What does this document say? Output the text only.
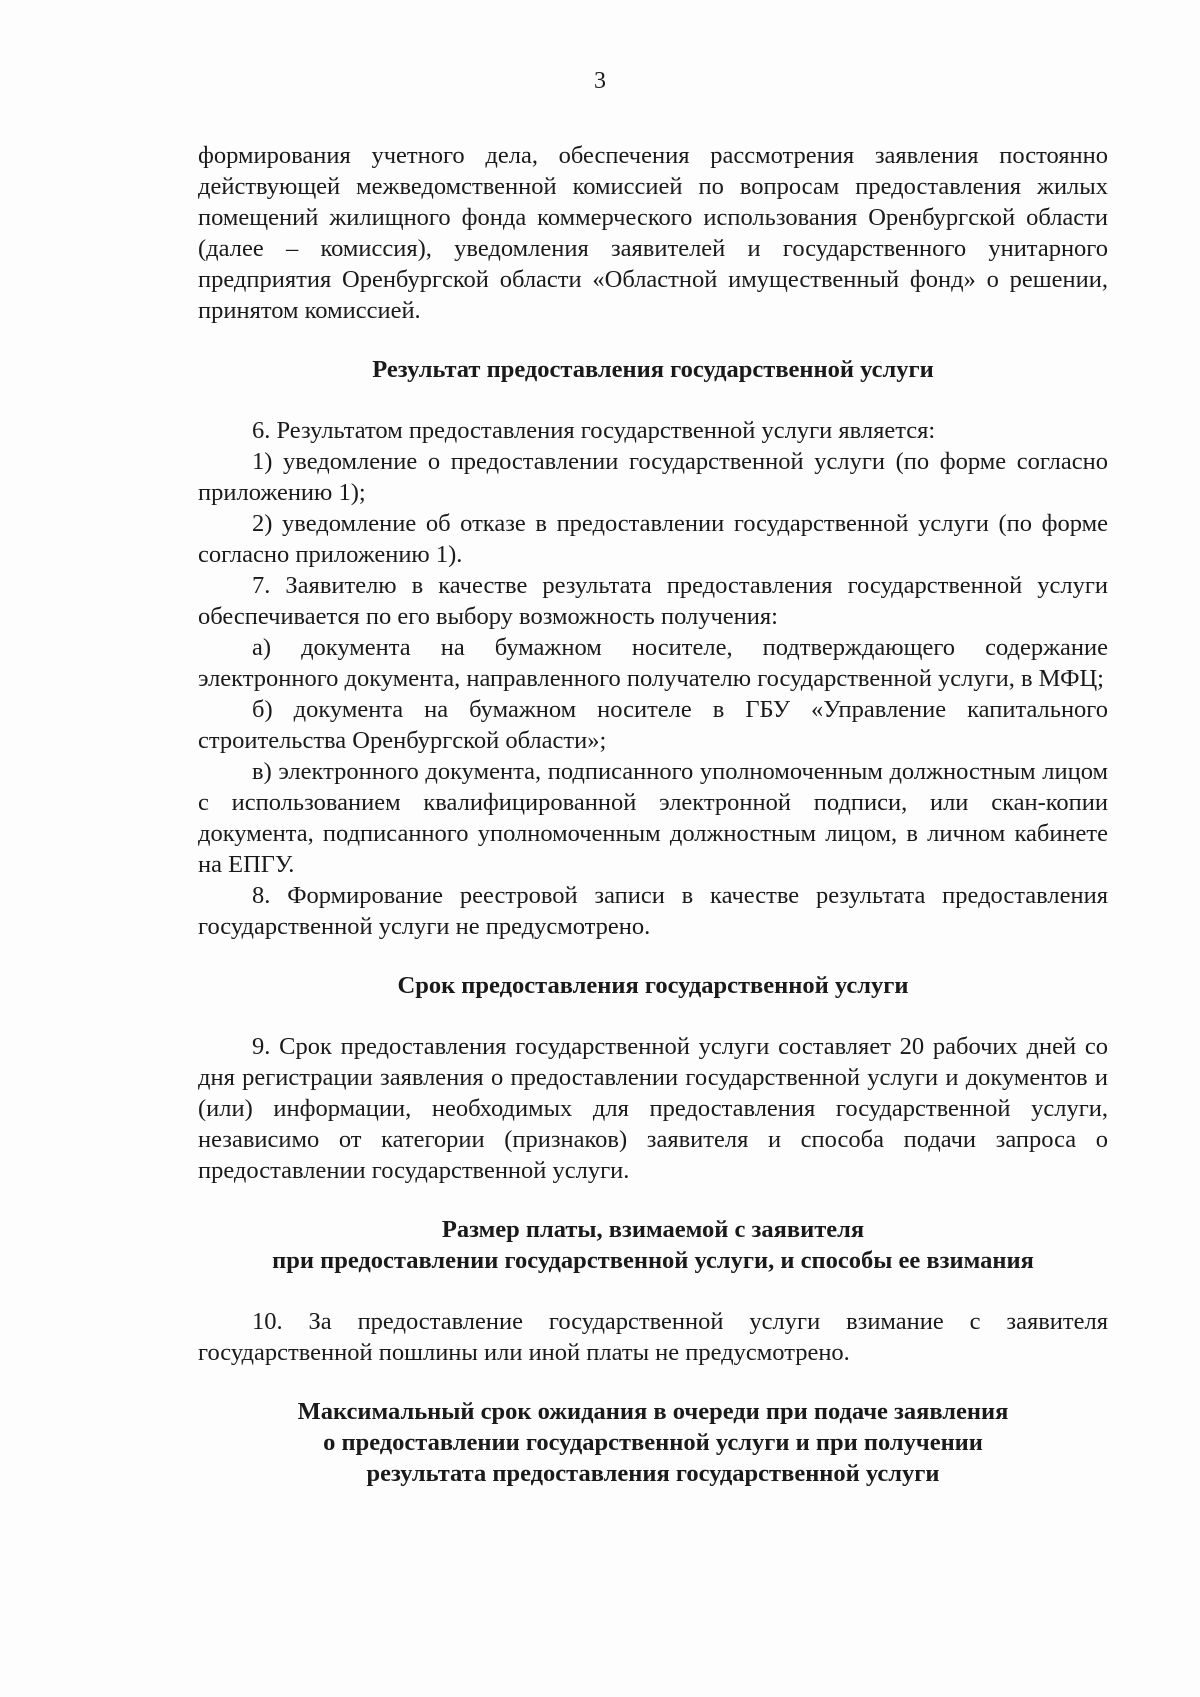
3

формирования учетного дела, обеспечения рассмотрения заявления постоянно действующей межведомственной комиссией по вопросам предоставления жилых помещений жилищного фонда коммерческого использования Оренбургской области (далее – комиссия), уведомления заявителей и государственного унитарного предприятия Оренбургской области «Областной имущественный фонд» о решении, принятом комиссией.

Результат предоставления государственной услуги

6. Результатом предоставления государственной услуги является:

1) уведомление о предоставлении государственной услуги (по форме согласно приложению 1);

2) уведомление об отказе в предоставлении государственной услуги (по форме согласно приложению 1).

7. Заявителю в качестве результата предоставления государственной услуги обеспечивается по его выбору возможность получения:

а) документа на бумажном носителе, подтверждающего содержание электронного документа, направленного получателю государственной услуги, в МФЦ;

б) документа на бумажном носителе в ГБУ «Управление капитального строительства Оренбургской области»;

в) электронного документа, подписанного уполномоченным должностным лицом с использованием квалифицированной электронной подписи, или скан-копии документа, подписанного уполномоченным должностным лицом, в личном кабинете на ЕПГУ.

8. Формирование реестровой записи в качестве результата предоставления государственной услуги не предусмотрено.

Срок предоставления государственной услуги

9. Срок предоставления государственной услуги составляет 20 рабочих дней со дня регистрации заявления о предоставлении государственной услуги и документов и (или) информации, необходимых для предоставления государственной услуги, независимо от категории (признаков) заявителя и способа подачи запроса о предоставлении государственной услуги.

Размер платы, взимаемой с заявителя
при предоставлении государственной услуги, и способы ее взимания

10. За предоставление государственной услуги взимание с заявителя государственной пошлины или иной платы не предусмотрено.

Максимальный срок ожидания в очереди при подаче заявления
о предоставлении государственной услуги и при получении
результата предоставления государственной услуги
